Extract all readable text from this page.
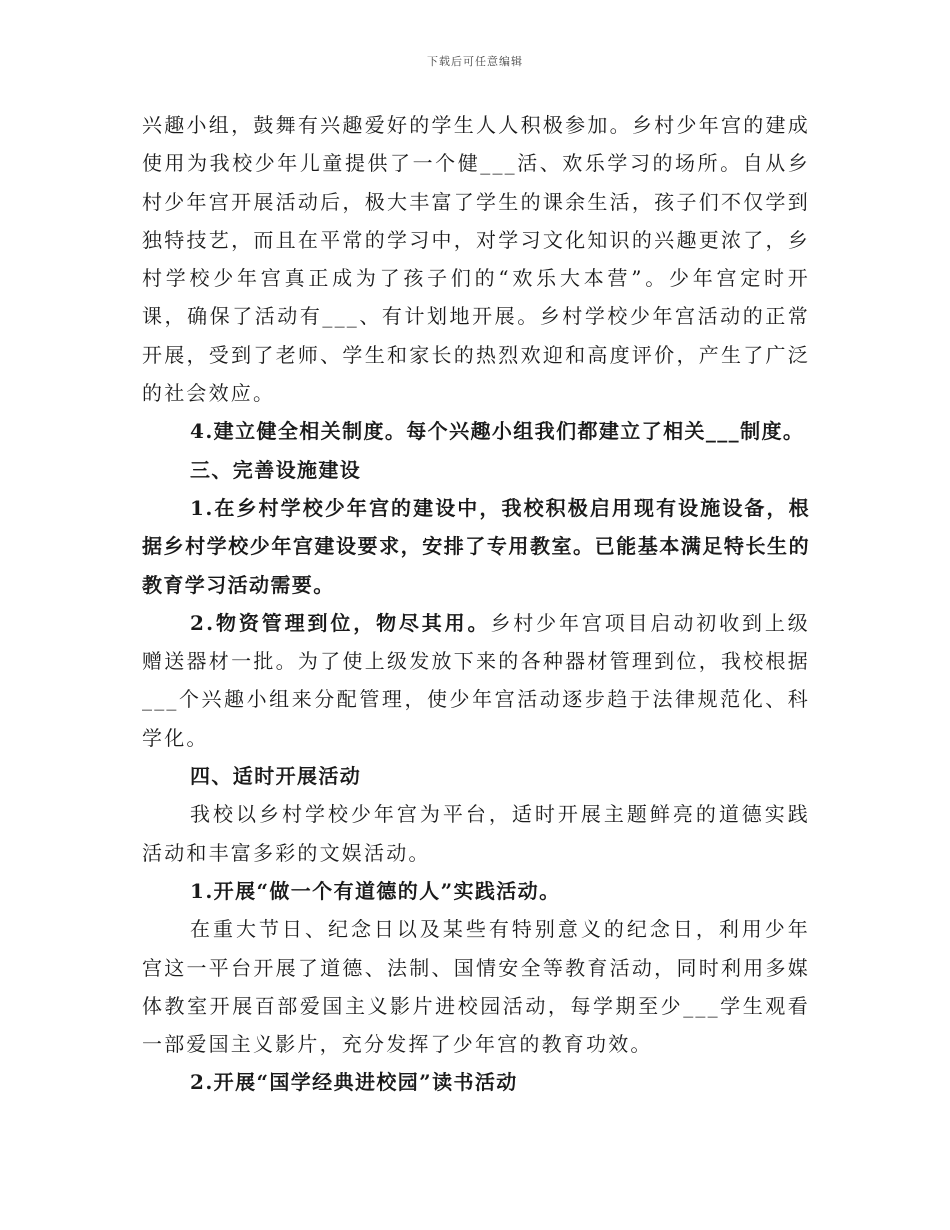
下载后可任意编辑

兴趣小组，鼓舞有兴趣爱好的学生人人积极参加。乡村少年宫的建成使用为我校少年儿童提供了一个健___活、欢乐学习的场所。自从乡村少年宫开展活动后，极大丰富了学生的课余生活，孩子们不仅学到独特技艺，而且在平常的学习中，对学习文化知识的兴趣更浓了，乡村学校少年宫真正成为了孩子们的“欢乐大本营”。少年宫定时开课，确保了活动有___、有计划地开展。乡村学校少年宫活动的正常开展，受到了老师、学生和家长的热烈欢迎和高度评价，产生了广泛的社会效应。

4.建立健全相关制度。每个兴趣小组我们都建立了相关___制度。

三、完善设施建设

1.在乡村学校少年宫的建设中，我校积极启用现有设施设备，根据乡村学校少年宫建设要求，安排了专用教室。已能基本满足特长生的教育学习活动需要。

2.物资管理到位，物尽其用。乡村少年宫项目启动初收到上级赠送器材一批。为了使上级发放下来的各种器材管理到位，我校根据___个兴趣小组来分配管理，使少年宫活动逐步趋于法律规范化、科学化。

四、适时开展活动

我校以乡村学校少年宫为平台，适时开展主题鲜亮的道德实践活动和丰富多彩的文娱活动。

1.开展“做一个有道德的人”实践活动。

在重大节日、纪念日以及某些有特别意义的纪念日，利用少年宫这一平台开展了道德、法制、国情安全等教育活动，同时利用多媒体教室开展百部爱国主义影片进校园活动，每学期至少___学生观看一部爱国主义影片，充分发挥了少年宫的教育功效。

2.开展“国学经典进校园”读书活动
